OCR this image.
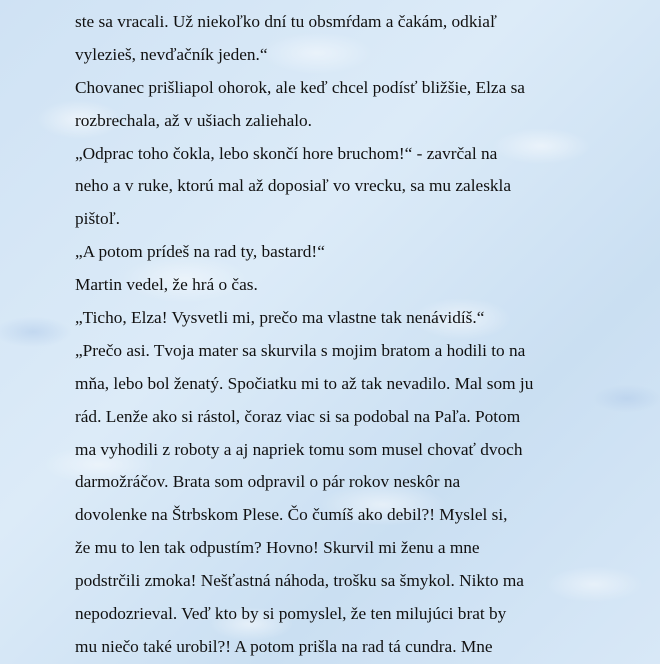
ste sa vracali. Už niekoľko dní tu obsmŕdam a čakám, odkiaľ
vylezieš, nevďačník jeden.“
Chovanec prišliapol ohorok, ale keď chcel podísť bližšie, Elza sa
rozbrechala, až v ušiach zaliehalo.
„Odprac toho čokla, lebo skončí hore bruchom!“ - zavrčal na
neho a v ruke, ktorú mal až doposiaľ vo vrecku, sa mu zaleskla
pištoľ.
„A potom prídeš na rad ty, bastard!“
Martin vedel, že hrá o čas.
„Ticho, Elza! Vysvetli mi, prečo ma vlastne tak nenávidíš.“
„Prečo asi. Tvoja mater sa skurvila s mojim bratom a hodili to na
mňa, lebo bol ženatý. Spočiatku mi to až tak nevadilo. Mal som ju
rád. Lenže ako si rástol, čoraz viac si sa podobal na Paľa. Potom
ma vyhodili z roboty a aj napriek tomu som musel chovať dvoch
darmožráčov. Brata som odpravil o pár rokov neskôr na
dovolenke na Štrbskom Plese. Čo čumíš ako debil?! Myslel si,
že mu to len tak odpustím? Hovno! Skurvil mi ženu a mne
podstrčili zmoka! Nešťastná náhoda, trošku sa šmykol. Nikto ma
nepodozrieval. Veď kto by si pomyslel, že ten milujúci brat by
mu niečo také urobil?! A potom prišla na rad tá cundra. Mne
